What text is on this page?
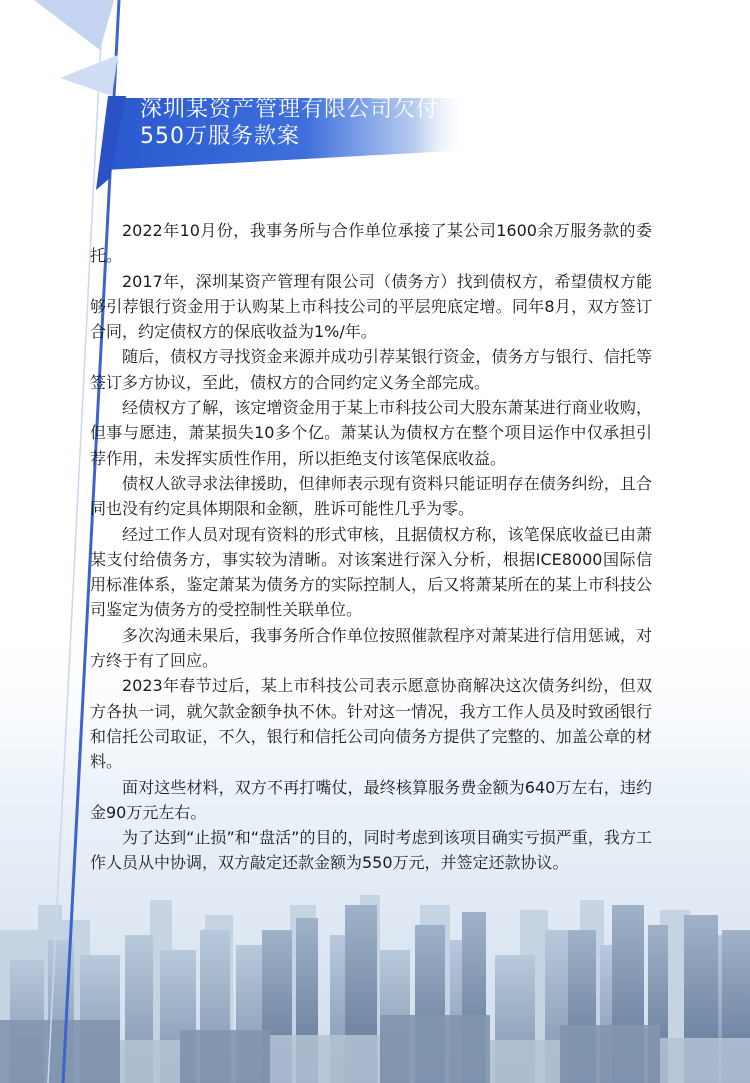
深圳某资产管理有限公司欠付
550万服务款案

2022年10月份，我事务所与合作单位承接了某公司1600余万服务款的委托。

2017年，深圳某资产管理有限公司（债务方）找到债权方，希望债权方能够引荐银行资金用于认购某上市科技公司的平层兜底定增。同年8月，双方签订合同，约定债权方的保底收益为1%/年。

随后，债权方寻找资金来源并成功引荐某银行资金，债务方与银行、信托等签订多方协议，至此，债权方的合同约定义务全部完成。

经债权方了解，该定增资金用于某上市科技公司大股东萧某进行商业收购，但事与愿违，萧某损失10多个亿。萧某认为债权方在整个项目运作中仅承担引荐作用，未发挥实质性作用，所以拒绝支付该笔保底收益。

债权人欲寻求法律援助，但律师表示现有资料只能证明存在债务纠纷，且合同也没有约定具体期限和金额，胜诉可能性几乎为零。

经过工作人员对现有资料的形式审核，且据债权方称，该笔保底收益已由萧某支付给债务方，事实较为清晰。对该案进行深入分析，根据ICE8000国际信用标准体系，鉴定萧某为债务方的实际控制人，后又将萧某所在的某上市科技公司鉴定为债务方的受控制性关联单位。

多次沟通未果后，我事务所合作单位按照催款程序对萧某进行信用惩诫，对方终于有了回应。

2023年春节过后，某上市科技公司表示愿意协商解决这次债务纠纷，但双方各执一词，就欠款金额争执不休。针对这一情况，我方工作人员及时致函银行和信托公司取证，不久，银行和信托公司向债务方提供了完整的、加盖公章的材料。

面对这些材料，双方不再打嘴仗，最终核算服务费金额为640万左右，违约金90万元左右。

为了达到“止损”和“盘活”的目的，同时考虑到该项目确实亏损严重，我方工作人员从中协调，双方敲定还款金额为550万元，并签定还款协议。
